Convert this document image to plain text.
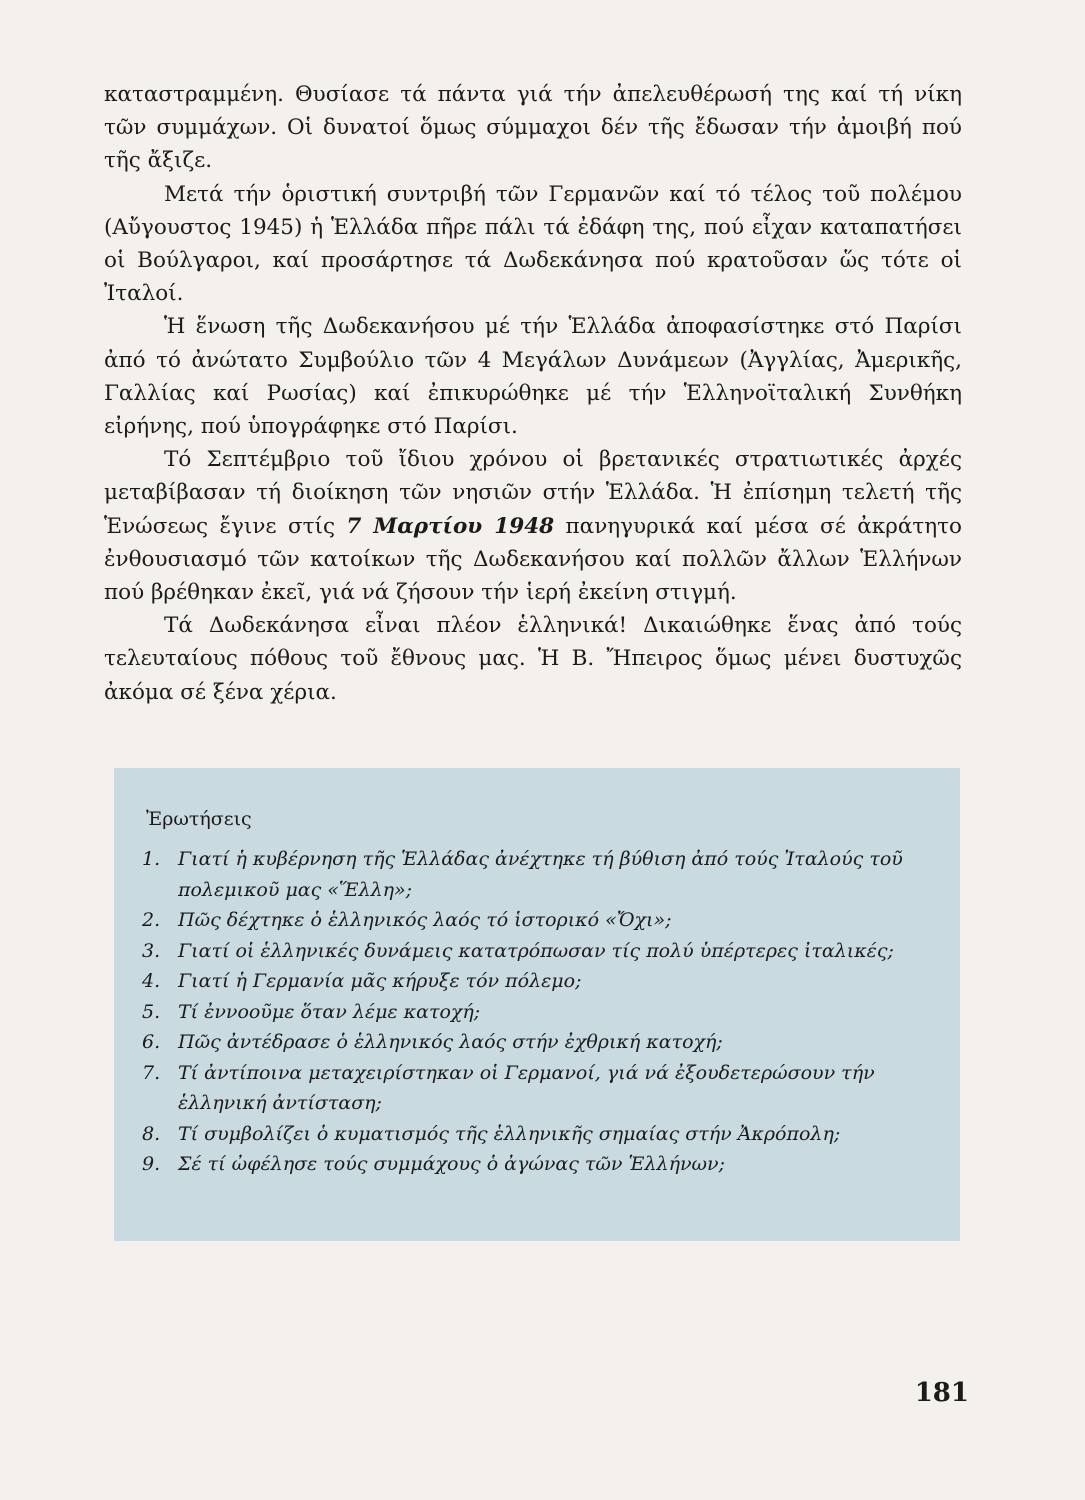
καταστραμμένη. Θυσίασε τά πάντα γιά τήν ἀπελευθέρωσή της καί τή νίκη τῶν συμμάχων. Οἱ δυνατοί ὅμως σύμμαχοι δέν τῆς ἔδωσαν τήν ἀμοιβή πού τῆς ἄξιζε.

Μετά τήν ὁριστική συντριβή τῶν Γερμανῶν καί τό τέλος τοῦ πολέμου (Αὔγουστος 1945) ἡ Ἑλλάδα πῆρε πάλι τά ἐδάφη της, πού εἶχαν καταπατήσει οἱ Βούλγαροι, καί προσάρτησε τά Δωδεκάνησα πού κρατοῦσαν ὥς τότε οἱ Ἰταλοί.

Ἡ ἕνωση τῆς Δωδεκανήσου μέ τήν Ἑλλάδα ἀποφασίστηκε στό Παρίσι ἀπό τό ἀνώτατο Συμβούλιο τῶν 4 Μεγάλων Δυνάμεων (Ἀγγλίας, Ἀμερικῆς, Γαλλίας καί Ρωσίας) καί ἐπικυρώθηκε μέ τήν Ἑλληνοϊταλική Συνθήκη εἰρήνης, πού ὑπογράφηκε στό Παρίσι.

Τό Σεπτέμβριο τοῦ ἴδιου χρόνου οἱ βρετανικές στρατιωτικές ἀρχές μεταβίβασαν τή διοίκηση τῶν νησιῶν στήν Ἑλλάδα. Ἡ ἐπίσημη τελετή τῆς Ἑνώσεως ἔγινε στίς 7 Μαρτίου 1948 πανηγυρικά καί μέσα σέ ἀκράτητο ἐνθουσιασμό τῶν κατοίκων τῆς Δωδεκανήσου καί πολλῶν ἄλλων Ἑλλήνων πού βρέθηκαν ἐκεῖ, γιά νά ζήσουν τήν ἱερή ἐκείνη στιγμή.

Τά Δωδεκάνησα εἶναι πλέον ἑλληνικά! Δικαιώθηκε ἕνας ἀπό τούς τελευταίους πόθους τοῦ ἔθνους μας. Ἡ Β. Ἤπειρος ὅμως μένει δυστυχῶς ἀκόμα σέ ξένα χέρια.

Ἐρωτήσεις
1. Γιατί ἡ κυβέρνηση τῆς Ἑλλάδας ἀνέχτηκε τή βύθιση ἀπό τούς Ἰταλούς τοῦ πολεμικοῦ μας «Ἕλλη»;
2. Πῶς δέχτηκε ὁ ἑλληνικός λαός τό ἱστορικό «Ὄχι»;
3. Γιατί οἱ ἑλληνικές δυνάμεις κατατρόπωσαν τίς πολύ ὑπέρτερες ἰταλικές;
4. Γιατί ἡ Γερμανία μᾶς κήρυξε τόν πόλεμο;
5. Τί ἐννοοῦμε ὅταν λέμε κατοχή;
6. Πῶς ἀντέδρασε ὁ ἑλληνικός λαός στήν ἐχθρική κατοχή;
7. Τί ἀντίποινα μεταχειρίστηκαν οἱ Γερμανοί, γιά νά ἐξουδετερώσουν τήν ἑλληνική ἀντίσταση;
8. Τί συμβολίζει ὁ κυματισμός τῆς ἑλληνικῆς σημαίας στήν Ἀκρόπολη;
9. Σέ τί ὠφέλησε τούς συμμάχους ὁ ἀγώνας τῶν Ἑλλήνων;
181
